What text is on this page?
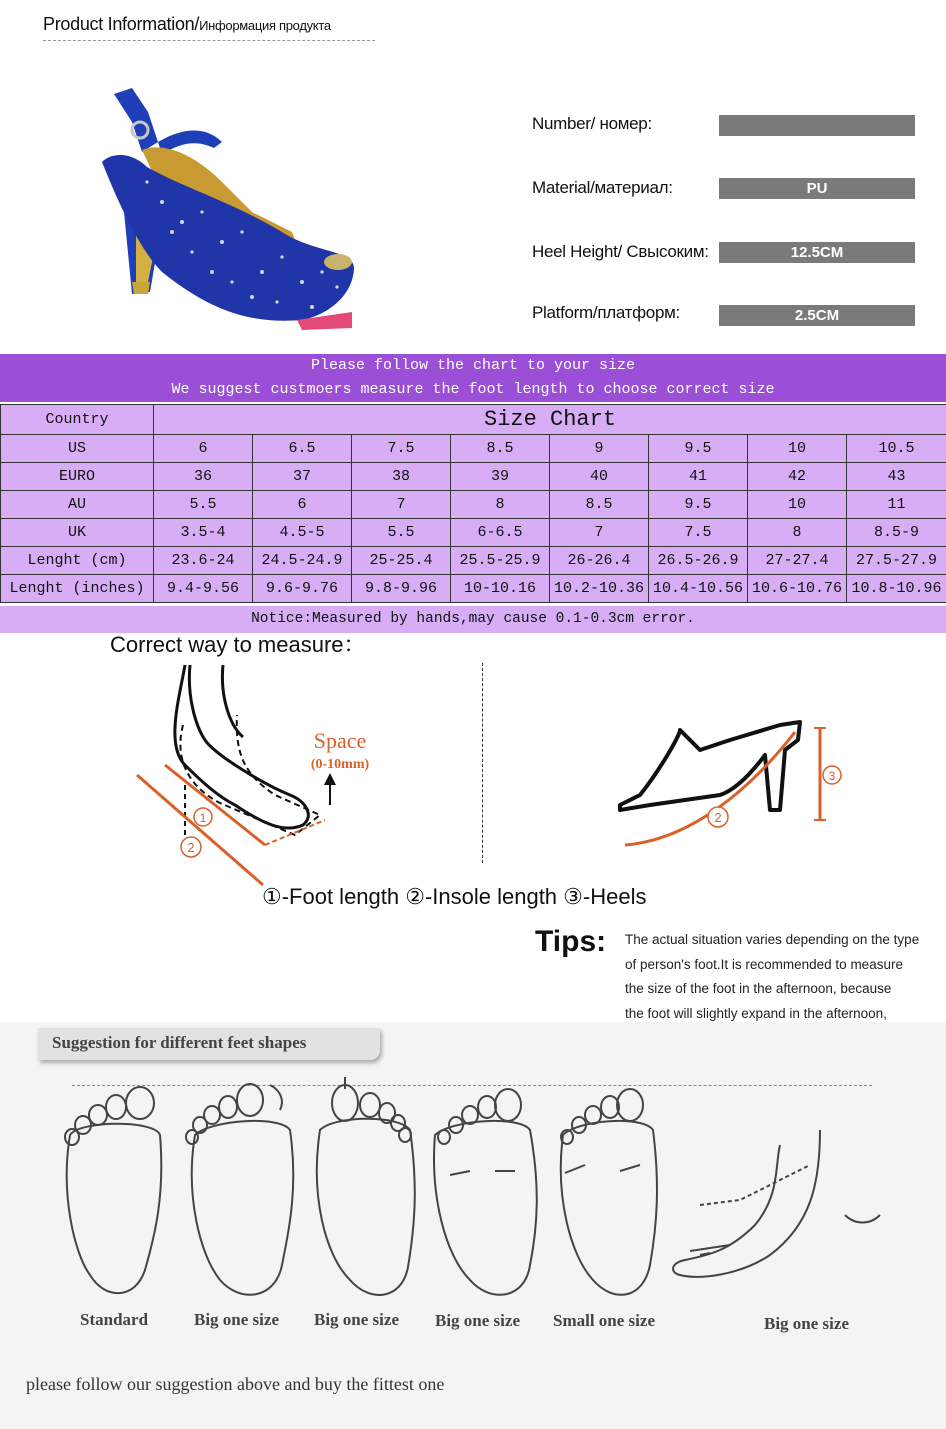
Product Information/Информация продукта
Number/ номер:
Material/материал:	PU
Heel Height/ Свысоким:	12.5CM
Platform/платформ:	2.5CM
Please follow the chart to your size
We suggest custmoers measure the foot length to choose correct size
Country	Size Chart							
US	6	6.5	7.5	8.5	9	9.5	10	10.5
EURO	36	37	38	39	40	41	42	43
AU	5.5	6	7	8	8.5	9.5	10	11
UK	3.5-4	4.5-5	5.5	6-6.5	7	7.5	8	8.5-9
Lenght (cm)	23.6-24	24.5-24.9	25-25.4	25.5-25.9	26-26.4	26.5-26.9	27-27.4	27.5-27.9
Lenght (inches)	9.4-9.56	9.6-9.76	9.8-9.96	10-10.16	10.2-10.36	10.4-10.56	10.6-10.76	10.8-10.96
Notice:Measured by hands,may cause 0.1-0.3cm error.
Correct way to measure：
1
2
Space
(0-10mm)
2
3
①-Foot length ②-Insole length ③-Heels
Tips: The actual situation varies depending on the type
of person's foot.It is recommended to measure
the size of the foot in the afternoon, because
the foot will slightly expand in the afternoon,
Suggestion for different feet shapes
Standard	Big one size Big one size Big one size Small one size	Big one size
please follow our suggestion above and buy the fittest one
